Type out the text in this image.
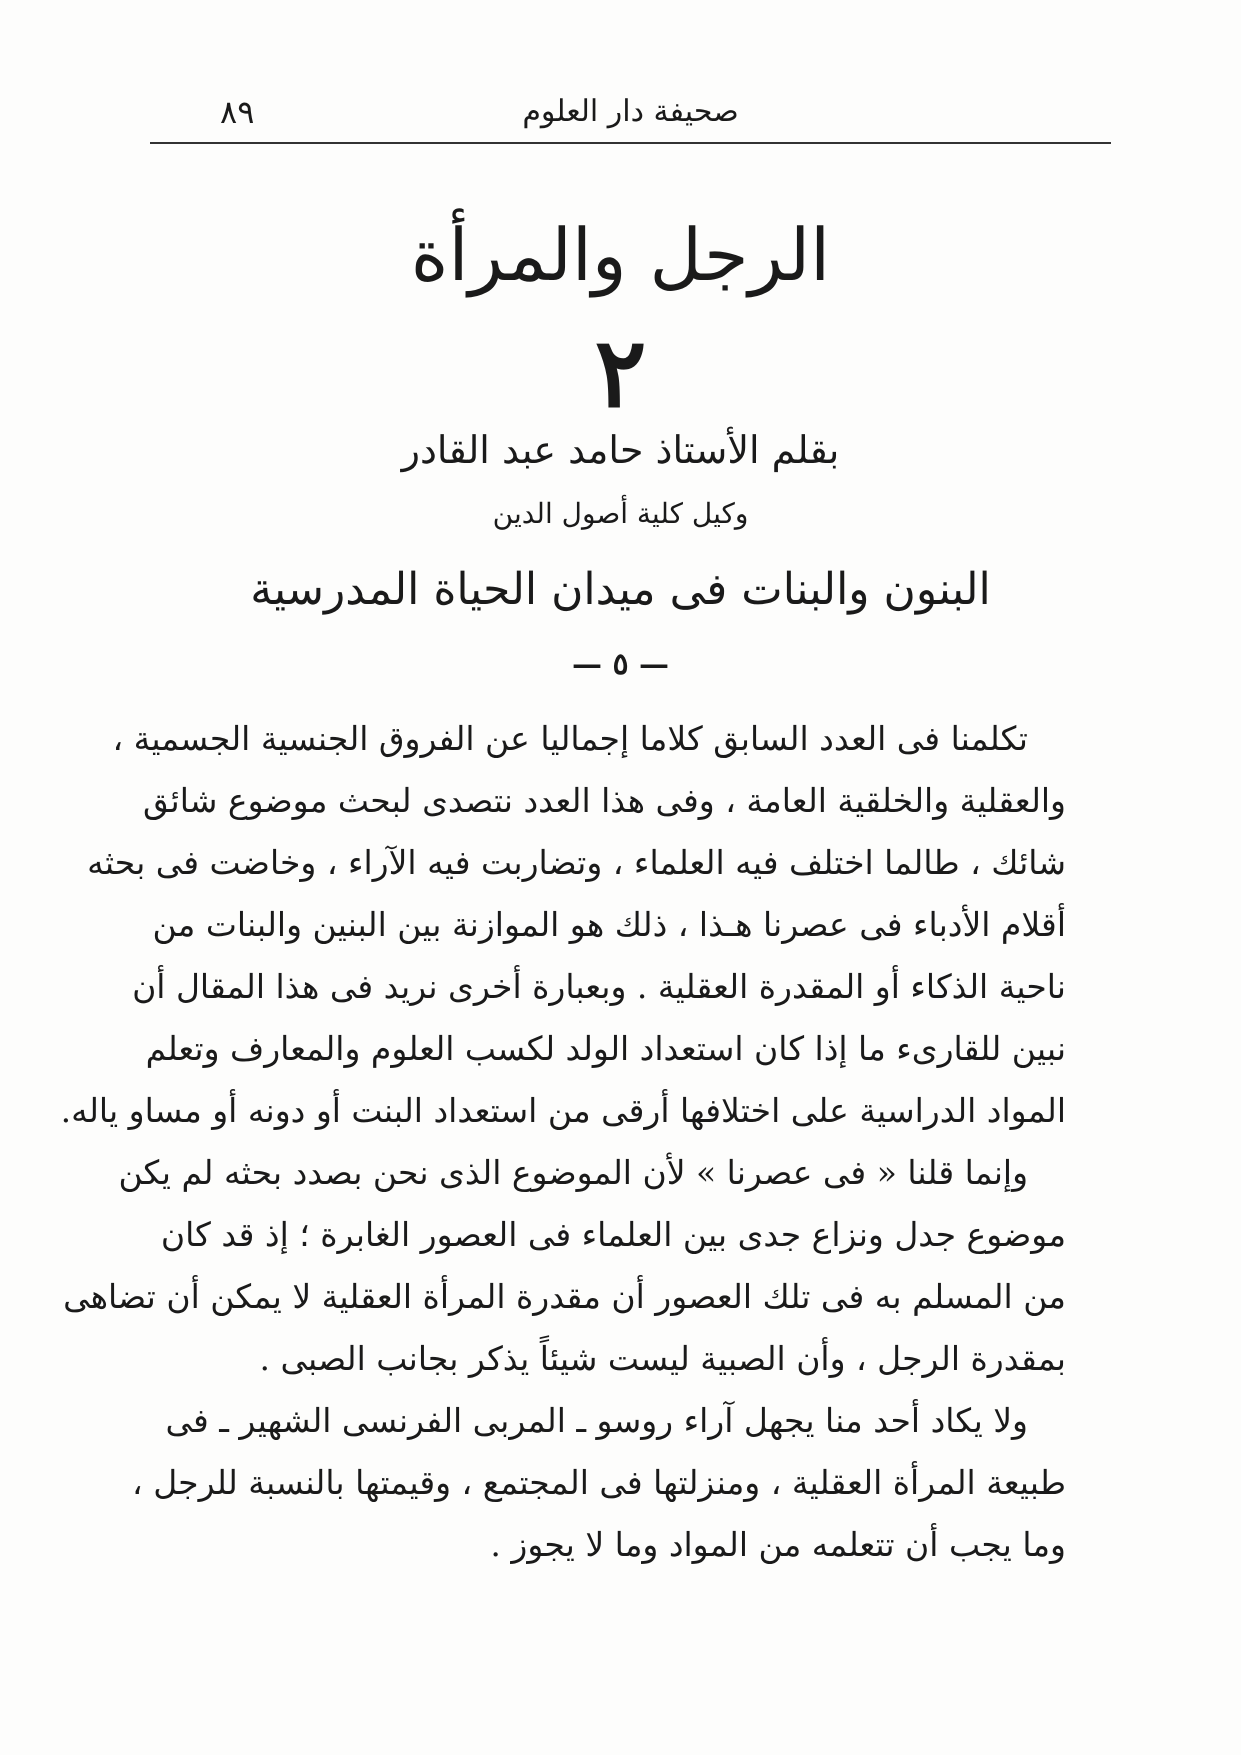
صحيفة دار العلوم
٨٩
الرجل والمرأة
٢
بقلم الأستاذ حامد عبد القادر
وكيل كلية أصول الدين
البنون والبنات فى ميدان الحياة المدرسية
— ٥ —
تكلمنا فى العدد السابق كلاما إجماليا عن الفروق الجنسية الجسمية ،
والعقلية والخلقية العامة ، وفى هذا العدد نتصدى لبحث موضوع شائق
شائك ، طالما اختلف فيه العلماء ، وتضاربت فيه الآراء ، وخاضت فى بحثه
أقلام الأدباء فى عصرنا هـذا ، ذلك هو الموازنة بين البنين والبنات من
ناحية الذكاء أو المقدرة العقلية . وبعبارة أخرى نريد فى هذا المقال أن
نبين للقارىء ما إذا كان استعداد الولد لكسب العلوم والمعارف وتعلم
المواد الدراسية على اختلافها أرقى من استعداد البنت أو دونه أو مساو ياله.
وإنما قلنا « فى عصرنا » لأن الموضوع الذى نحن بصدد بحثه لم يكن
موضوع جدل ونزاع جدى بين العلماء فى العصور الغابرة ؛ إذ قد كان
من المسلم به فى تلك العصور أن مقدرة المرأة العقلية لا يمكن أن تضاهى
بمقدرة الرجل ، وأن الصبية ليست شيئاً يذكر بجانب الصبى .
ولا يكاد أحد منا يجهل آراء روسو ـ المربى الفرنسى الشهير ـ فى
طبيعة المرأة العقلية ، ومنزلتها فى المجتمع ، وقيمتها بالنسبة للرجل ،
وما يجب أن تتعلمه من المواد وما لا يجوز .
